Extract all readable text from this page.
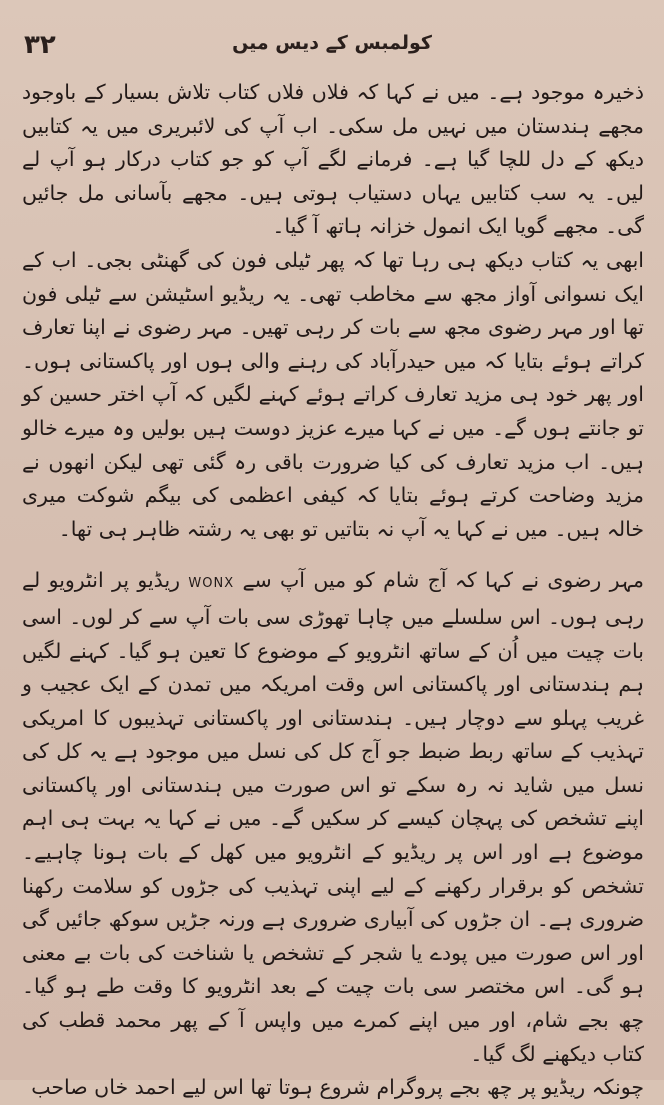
۳۲	کولمبس کے دیس میں

ذخیرہ موجود ہے۔ میں نے کہا کہ فلاں فلاں کتاب تلاش بسیار کے باوجود مجھے ہندستان میں نہیں مل سکی۔ اب آپ کی لائبریری میں یہ کتابیں دیکھ کے دل للچا گیا ہے۔ فرمانے لگے آپ کو جو کتاب درکار ہو آپ لے لیں۔ یہ سب کتابیں یہاں دستیاب ہوتی ہیں۔ مجھے بآسانی مل جائیں گی۔ مجھے گویا ایک انمول خزانہ ہاتھ آ گیا۔

ابھی یہ کتاب دیکھ ہی رہا تھا کہ پھر ٹیلی فون کی گھنٹی بجی۔ اب کے ایک نسوانی آواز مجھ سے مخاطب تھی۔ یہ ریڈیو اسٹیشن سے ٹیلی فون تھا اور مہر رضوی مجھ سے بات کر رہی تھیں۔ مہر رضوی نے اپنا تعارف کراتے ہوئے بتایا کہ میں حیدرآباد کی رہنے والی ہوں اور پاکستانی ہوں۔ اور پھر خود ہی مزید تعارف کراتے ہوئے کہنے لگیں کہ آپ اختر حسین کو تو جانتے ہوں گے۔ میں نے کہا میرے عزیز دوست ہیں بولیں وہ میرے خالو ہیں۔ اب مزید تعارف کی کیا ضرورت باقی رہ گئی تھی لیکن انھوں نے مزید وضاحت کرتے ہوئے بتایا کہ کیفی اعظمی کی بیگم شوکت میری خالہ ہیں۔ میں نے کہا یہ آپ نہ بتاتیں تو بھی یہ رشتہ ظاہر ہی تھا۔

مہر رضوی نے کہا کہ آج شام کو میں آپ سے WONX ریڈیو پر انٹرویو لے رہی ہوں۔ اس سلسلے میں چاہا تھوڑی سی بات آپ سے کر لوں۔ اسی بات چیت میں اُن کے ساتھ انٹرویو کے موضوع کا تعین ہو گیا۔ کہنے لگیں ہم ہندستانی اور پاکستانی اس وقت امریکہ میں تمدن کے ایک عجیب و غریب پہلو سے دوچار ہیں۔ ہندستانی اور پاکستانی تہذیبوں کا امریکی تہذیب کے ساتھ ربط ضبط جو آج کل کی نسل میں موجود ہے یہ کل کی نسل میں شاید نہ رہ سکے تو اس صورت میں ہندستانی اور پاکستانی اپنے تشخص کی پہچان کیسے کر سکیں گے۔ میں نے کہا یہ بہت ہی اہم موضوع ہے اور اس پر ریڈیو کے انٹرویو میں کھل کے بات ہونا چاہیے۔ تشخص کو برقرار رکھنے کے لیے اپنی تہذیب کی جڑوں کو سلامت رکھنا ضروری ہے۔ ان جڑوں کی آبیاری ضروری ہے ورنہ جڑیں سوکھ جائیں گی اور اس صورت میں پودے یا شجر کے تشخص یا شناخت کی بات بے معنی ہو گی۔ اس مختصر سی بات چیت کے بعد انٹرویو کا وقت طے ہو گیا۔ چھ بجے شام، اور میں اپنے کمرے میں واپس آ کے پھر محمد قطب کی کتاب دیکھنے لگ گیا۔

چونکہ ریڈیو پر چھ بجے پروگرام شروع ہوتا تھا اس لیے احمد خاں صاحب
